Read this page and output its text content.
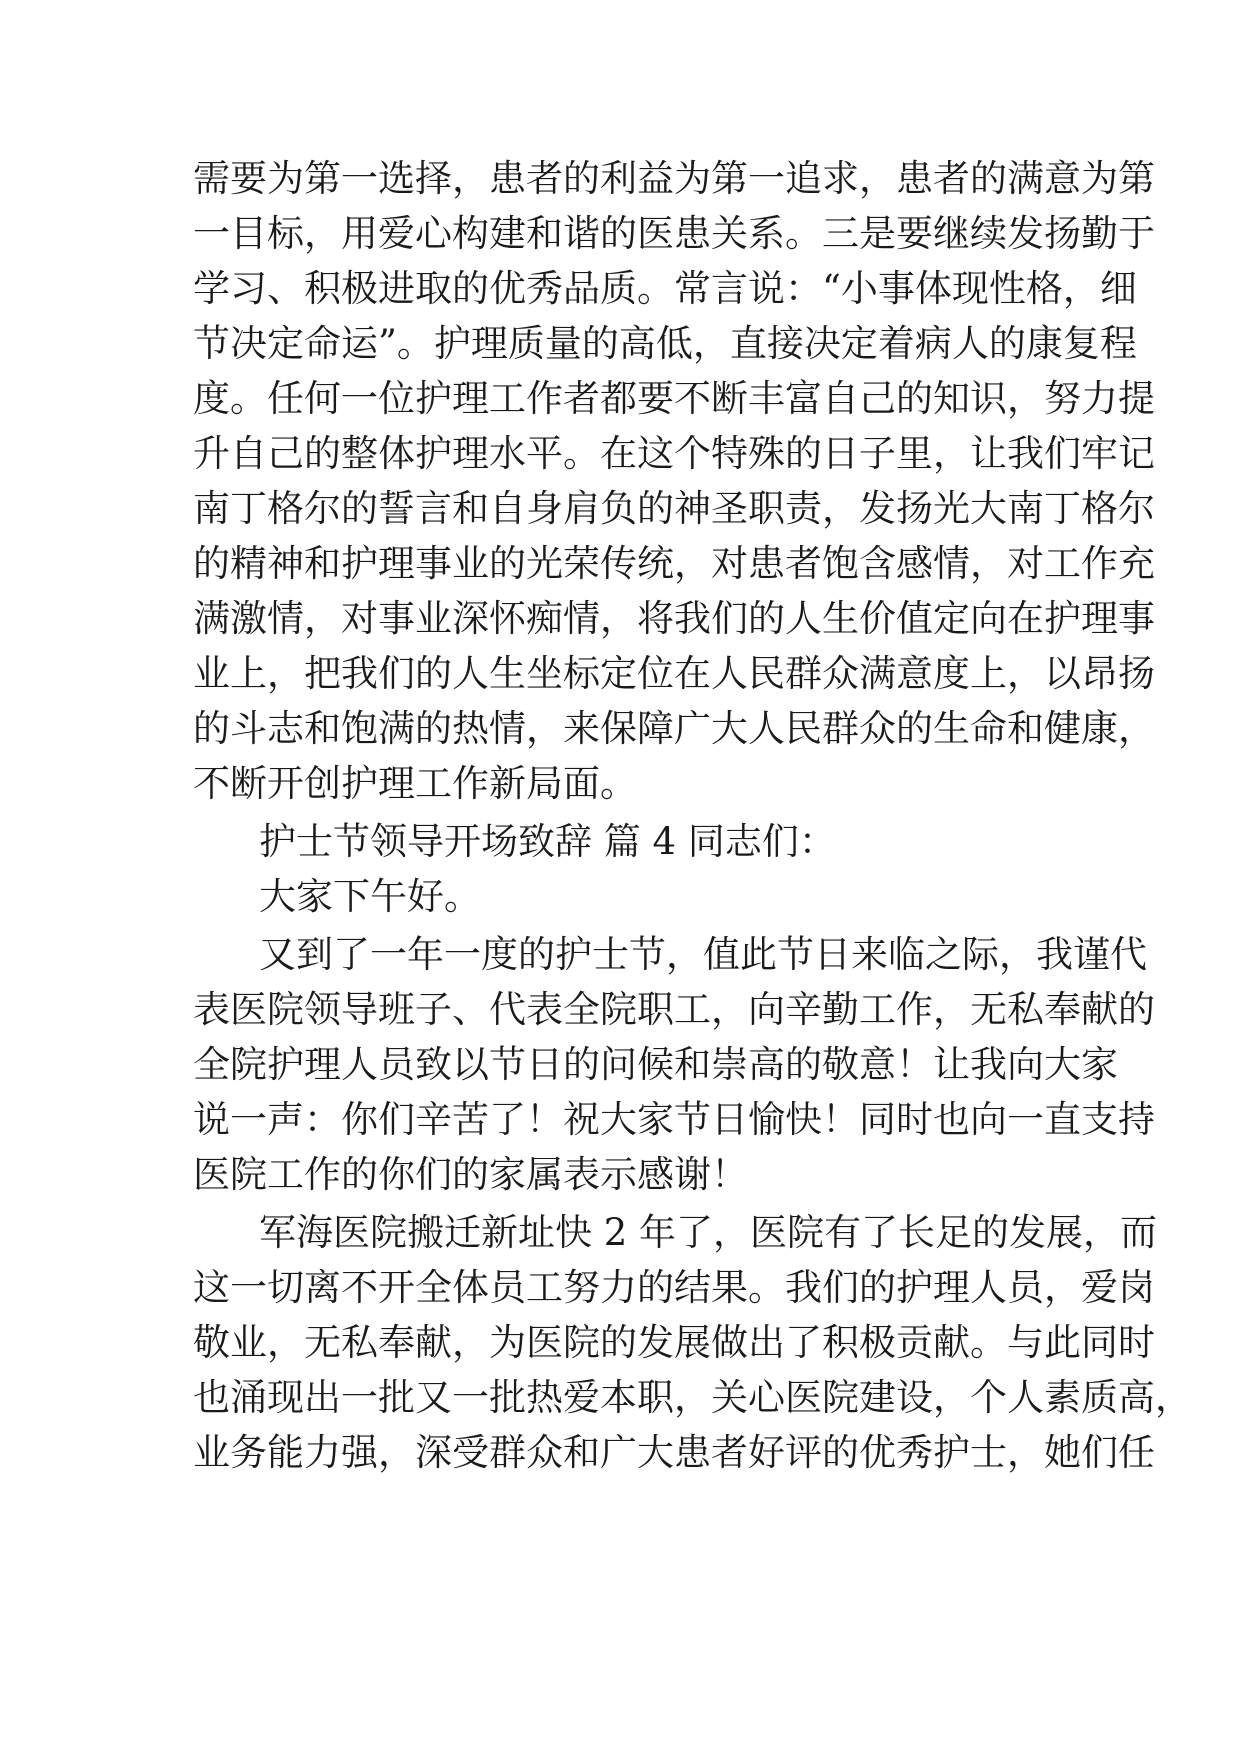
需要为第一选择，患者的利益为第一追求，患者的满意为第

一目标，用爱心构建和谐的医患关系。三是要继续发扬勤于

学习、积极进取的优秀品质。常言说：“小事体现性格，细

节决定命运”。护理质量的高低，直接决定着病人的康复程

度。任何一位护理工作者都要不断丰富自己的知识，努力提

升自己的整体护理水平。在这个特殊的日子里，让我们牢记

南丁格尔的誓言和自身肩负的神圣职责，发扬光大南丁格尔

的精神和护理事业的光荣传统，对患者饱含感情，对工作充

满激情，对事业深怀痴情，将我们的人生价值定向在护理事

业上，把我们的人生坐标定位在人民群众满意度上，以昂扬

的斗志和饱满的热情，来保障广大人民群众的生命和健康，

不断开创护理工作新局面。

护士节领导开场致辞 篇 4 同志们：

大家下午好。

又到了一年一度的护士节，值此节日来临之际，我谨代

表医院领导班子、代表全院职工，向辛勤工作，无私奉献的

全院护理人员致以节日的问候和崇高的敬意！让我向大家

说一声：你们辛苦了！祝大家节日愉快！同时也向一直支持

医院工作的你们的家属表示感谢！

军海医院搬迁新址快 2 年了，医院有了长足的发展，而

这一切离不开全体员工努力的结果。我们的护理人员，爱岗

敬业，无私奉献，为医院的发展做出了积极贡献。与此同时

也涌现出一批又一批热爱本职，关心医院建设，个人素质高，

业务能力强，深受群众和广大患者好评的优秀护士，她们任
